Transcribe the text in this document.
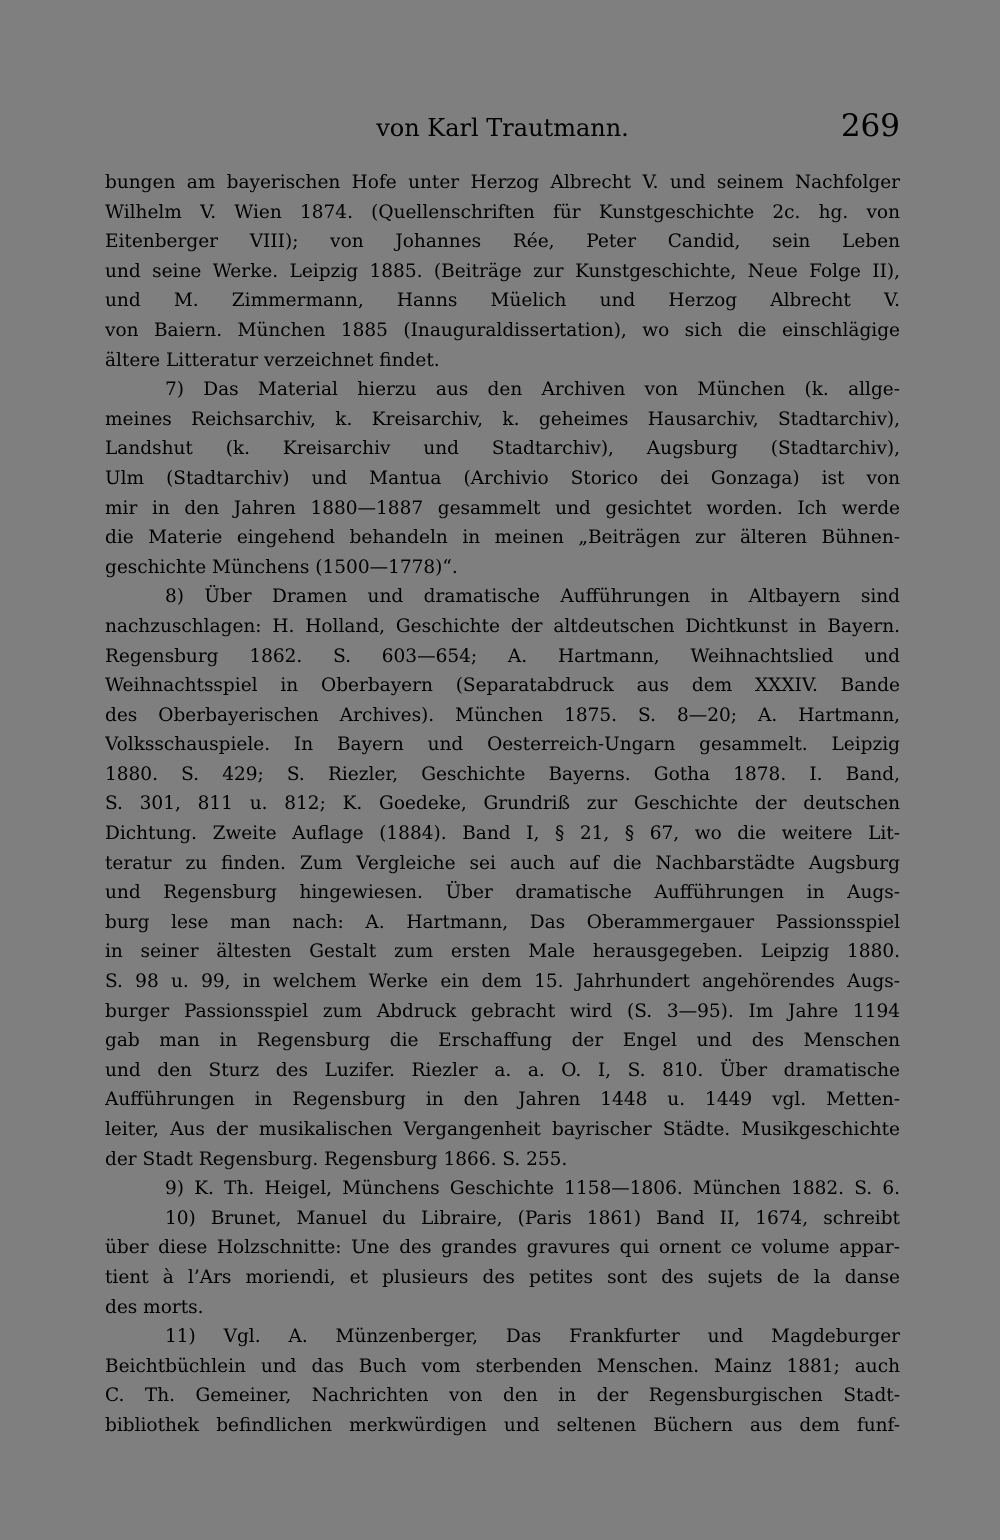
von Karl Trautmann.	269
bungen am bayerischen Hofe unter Herzog Albrecht V. und seinem Nachfolger
Wilhelm V. Wien 1874. (Quellenschriften für Kunstgeschichte 2c. hg. von
Eitenberger VIII); von Johannes Rée, Peter Candid, sein Leben
und seine Werke. Leipzig 1885. (Beiträge zur Kunstgeschichte, Neue Folge II),
und M. Zimmermann, Hanns Müelich und Herzog Albrecht V.
von Baiern. München 1885 (Inauguraldissertation), wo sich die einschlägige
ältere Litteratur verzeichnet findet.
7) Das Material hierzu aus den Archiven von München (k. allge-
meines Reichsarchiv, k. Kreisarchiv, k. geheimes Hausarchiv, Stadtarchiv),
Landshut (k. Kreisarchiv und Stadtarchiv), Augsburg (Stadtarchiv),
Ulm (Stadtarchiv) und Mantua (Archivio Storico dei Gonzaga) ist von
mir in den Jahren 1880—1887 gesammelt und gesichtet worden. Ich werde
die Materie eingehend behandeln in meinen „Beiträgen zur älteren Bühnen-
geschichte Münchens (1500—1778)“.
8) Über Dramen und dramatische Aufführungen in Altbayern sind
nachzuschlagen: H. Holland, Geschichte der altdeutschen Dichtkunst in Bayern.
Regensburg 1862. S. 603—654; A. Hartmann, Weihnachtslied und
Weihnachtsspiel in Oberbayern (Separatabdruck aus dem XXXIV. Bande
des Oberbayerischen Archives). München 1875. S. 8—20; A. Hartmann,
Volksschauspiele. In Bayern und Oesterreich-Ungarn gesammelt. Leipzig
1880. S. 429; S. Riezler, Geschichte Bayerns. Gotha 1878. I. Band,
S. 301, 811 u. 812; K. Goedeke, Grundriß zur Geschichte der deutschen
Dichtung. Zweite Auflage (1884). Band I, § 21, § 67, wo die weitere Lit-
teratur zu finden. Zum Vergleiche sei auch auf die Nachbarstädte Augsburg
und Regensburg hingewiesen. Über dramatische Aufführungen in Augs-
burg lese man nach: A. Hartmann, Das Oberammergauer Passionsspiel
in seiner ältesten Gestalt zum ersten Male herausgegeben. Leipzig 1880.
S. 98 u. 99, in welchem Werke ein dem 15. Jahrhundert angehörendes Augs-
burger Passionsspiel zum Abdruck gebracht wird (S. 3—95). Im Jahre 1194
gab man in Regensburg die Erschaffung der Engel und des Menschen
und den Sturz des Luzifer. Riezler a. a. O. I, S. 810. Über dramatische
Aufführungen in Regensburg in den Jahren 1448 u. 1449 vgl. Metten-
leiter, Aus der musikalischen Vergangenheit bayrischer Städte. Musikgeschichte
der Stadt Regensburg. Regensburg 1866. S. 255.
9) K. Th. Heigel, Münchens Geschichte 1158—1806. München 1882. S. 6.
10) Brunet, Manuel du Libraire, (Paris 1861) Band II, 1674, schreibt
über diese Holzschnitte: Une des grandes gravures qui ornent ce volume appar-
tient à l’Ars moriendi, et plusieurs des petites sont des sujets de la danse
des morts.
11) Vgl. A. Münzenberger, Das Frankfurter und Magdeburger
Beichtbüchlein und das Buch vom sterbenden Menschen. Mainz 1881; auch
C. Th. Gemeiner, Nachrichten von den in der Regensburgischen Stadt-
bibliothek befindlichen merkwürdigen und seltenen Büchern aus dem funf-
